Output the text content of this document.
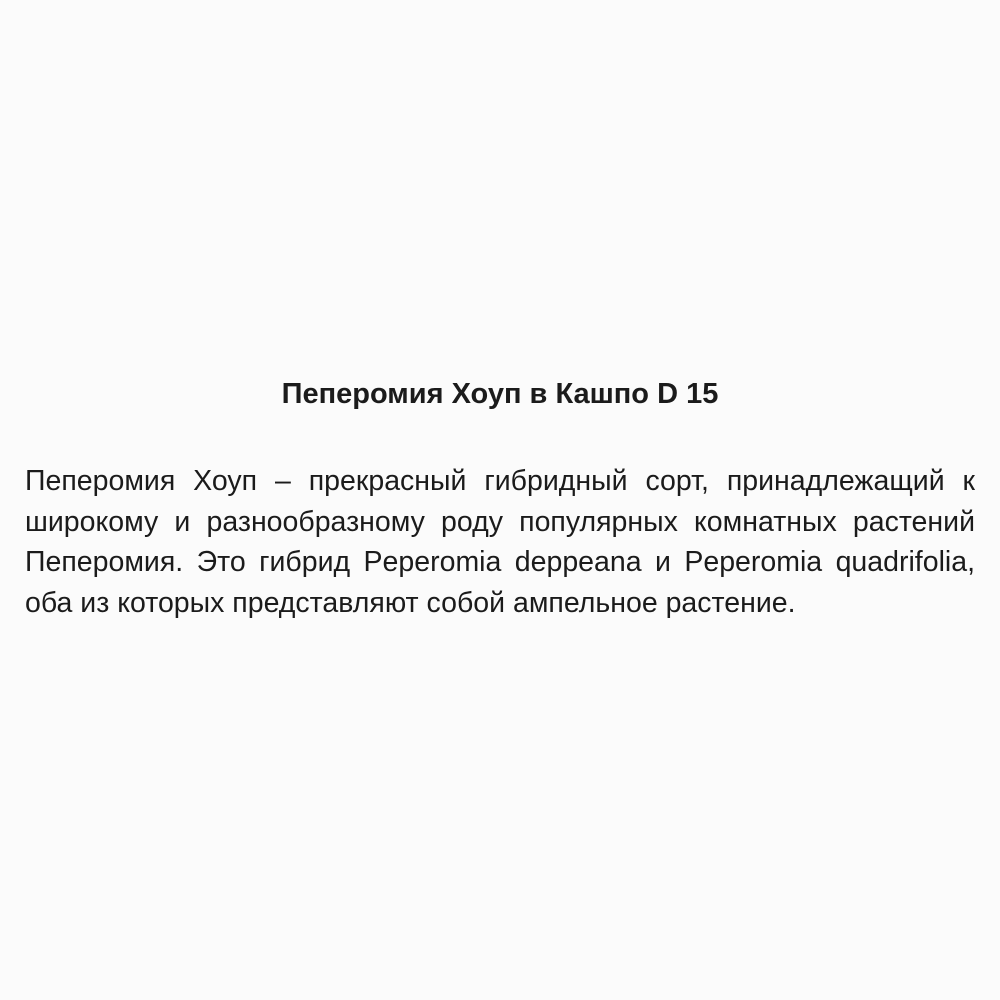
Пеперомия Хоуп в Кашпо D 15
Пеперомия Хоуп – прекрасный гибридный сорт, принадлежащий к
широкому и разнообразному роду популярных комнатных растений
Пеперомия. Это гибрид Peperomia deppeana и Peperomia quadrifolia,
оба из которых представляют собой ампельное растение.
